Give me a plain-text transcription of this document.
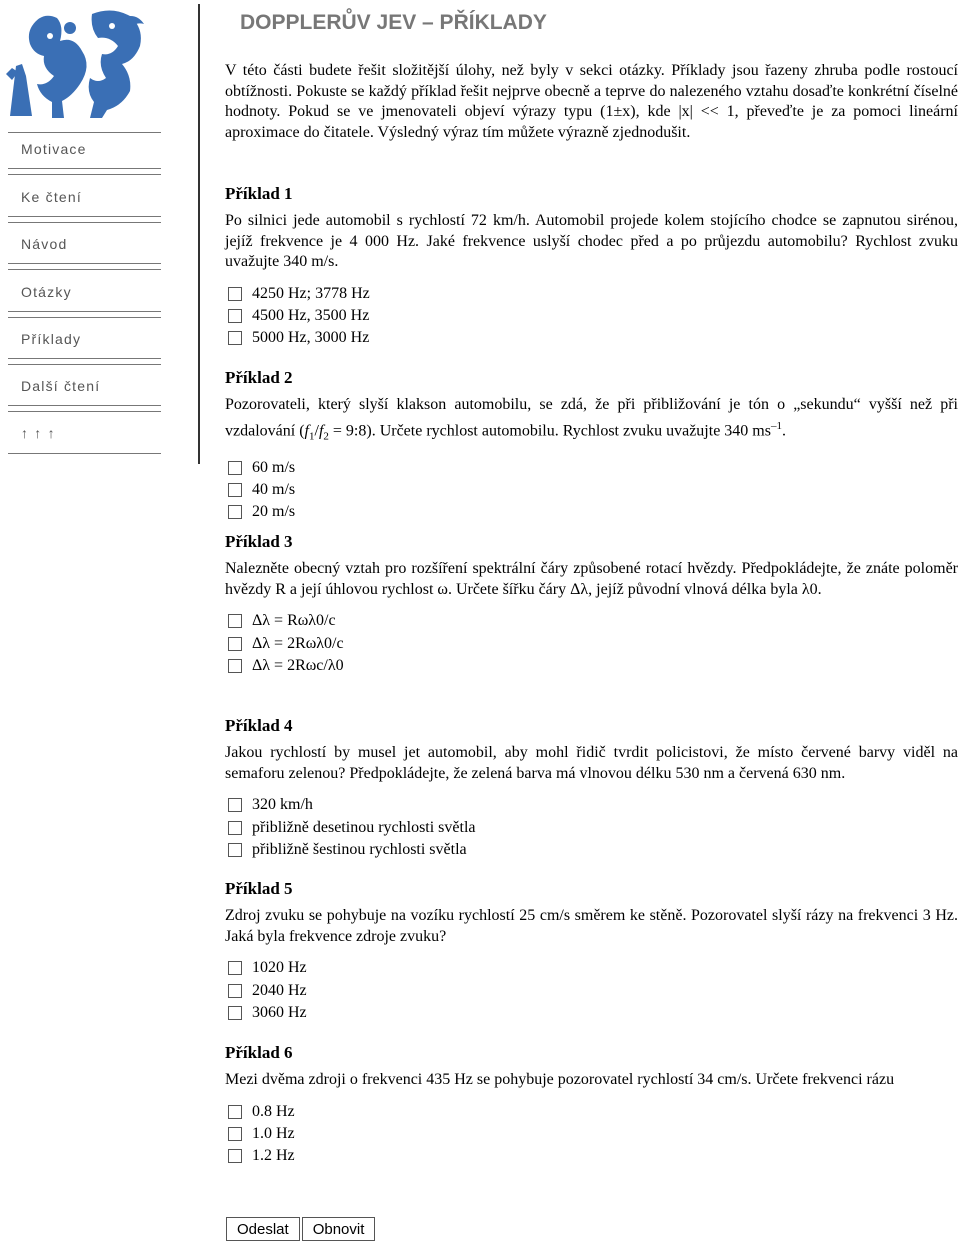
Motivace
Ke čtení
Návod
Otázky
Příklady
Další čtení
↑ ↑ ↑
DOPPLERŮV JEV – PŘÍKLADY

V této části budete řešit složitější úlohy, než byly v sekci otázky. Příklady jsou řazeny zhruba podle rostoucí obtížnosti. Pokuste se každý příklad řešit nejprve obecně a teprve do nalezeného vztahu dosaďte konkrétní číselné hodnoty. Pokud se ve jmenovateli objeví výrazy typu (1±x), kde |x| << 1, převeďte je za pomoci lineární aproximace do čitatele. Výsledný výraz tím můžete výrazně zjednodušit.

Příklad 1

Po silnici jede automobil s rychlostí 72 km/h. Automobil projede kolem stojícího chodce se zapnutou sirénou, jejíž frekvence je 4 000 Hz. Jaké frekvence uslyší chodec před a po průjezdu automobilu? Rychlost zvuku uvažujte 340 m/s.

4250 Hz; 3778 Hz
4500 Hz, 3500 Hz
5000 Hz, 3000 Hz
Příklad 2

Pozorovateli, který slyší klakson automobilu, se zdá, že při přibližování je tón o „sekundu“ vyšší než při vzdalování ($f_1/f_2$ = 9:8). Určete rychlost automobilu. Rychlost zvuku uvažujte 340 $ms^{-1}$.

60 m/s
40 m/s
20 m/s
Příklad 3

Nalezněte obecný vztah pro rozšíření spektrální čáry způsobené rotací hvězdy. Předpokládejte, že znáte poloměr hvězdy R a její úhlovou rychlost ω. Určete šířku čáry Δλ, jejíž původní vlnová délka byla λ0.

Δλ = Rωλ0/c
Δλ = 2Rωλ0/c
Δλ = 2Rωc/λ0
Příklad 4

Jakou rychlostí by musel jet automobil, aby mohl řidič tvrdit policistovi, že místo červené barvy viděl na semaforu zelenou? Předpokládejte, že zelená barva má vlnovou délku 530 nm a červená 630 nm.

320 km/h
přibližně desetinou rychlosti světla
přibližně šestinou rychlosti světla
Příklad 5

Zdroj zvuku se pohybuje na vozíku rychlostí 25 cm/s směrem ke stěně. Pozorovatel slyší rázy na frekvenci 3 Hz. Jaká byla frekvence zdroje zvuku?

1020 Hz
2040 Hz
3060 Hz
Příklad 6

Mezi dvěma zdroji o frekvenci 435 Hz se pohybuje pozorovatel rychlostí 34 cm/s. Určete frekvenci rázu

0.8 Hz
1.0 Hz
1.2 Hz
Odeslat	Obnovit
